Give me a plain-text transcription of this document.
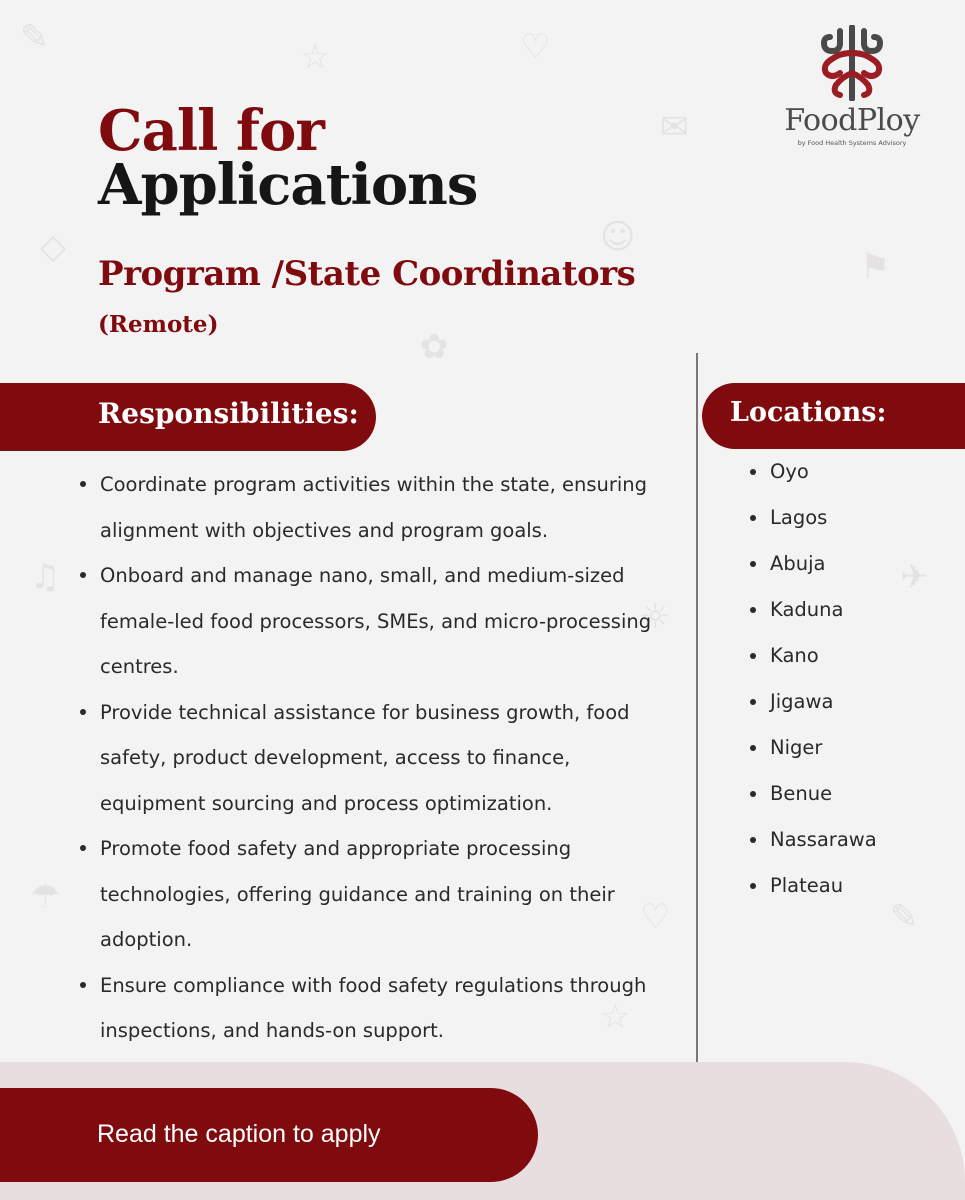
✎	☆	♡
✉
◇	☺
⚑
✿
♫
☼
✈
☂	♡	✎
☆
Call for
Applications
Program /State Coordinators
(Remote)
FoodPloy
by Food Health Systems Advisory
Responsibilities:	Locations:
Coordinate program activities within the state, ensuring alignment with objectives and program goals.
Onboard and manage nano, small, and medium-sized female-led food processors, SMEs, and micro-processing centres.
Provide technical assistance for business growth, food safety, product development, access to finance, equipment sourcing and process optimization.
Promote food safety and appropriate processing technologies, offering guidance and training on their adoption.
Ensure compliance with food safety regulations through inspections, and hands-on support.
Oyo
Lagos
Abuja
Kaduna
Kano
Jigawa
Niger
Benue
Nassarawa
Plateau
Read the caption to apply
